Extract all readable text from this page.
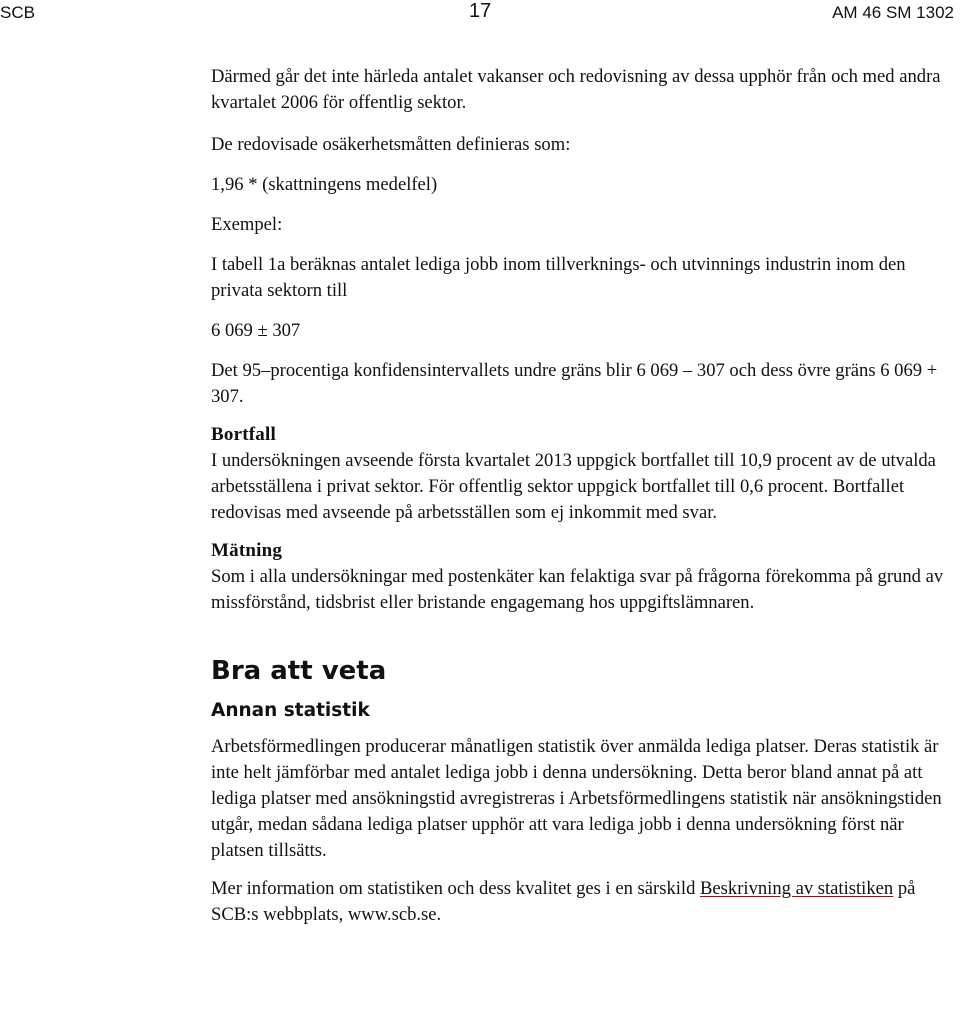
SCB	17	AM 46 SM 1302

Därmed går det inte härleda antalet vakanser och redovisning av dessa upphör från och med andra kvartalet 2006 för offentlig sektor.

De redovisade osäkerhetsmåtten definieras som:

1,96 * (skattningens medelfel)

Exempel:

I tabell 1a beräknas antalet lediga jobb inom tillverknings- och utvinnings industrin inom den privata sektorn till

6 069 ± 307

Det 95–procentiga konfidensintervallets undre gräns blir 6 069 – 307 och dess övre gräns 6 069 + 307.

Bortfall

I undersökningen avseende första kvartalet 2013 uppgick bortfallet till 10,9 procent av de utvalda arbetsställena i privat sektor. För offentlig sektor uppgick bortfallet till 0,6 procent. Bortfallet redovisas med avseende på arbetsställen som ej inkommit med svar.

Mätning

Som i alla undersökningar med postenkäter kan felaktiga svar på frågorna förekomma på grund av missförstånd, tidsbrist eller bristande engagemang hos uppgiftslämnaren.

Bra att veta
Annan statistik

Arbetsförmedlingen producerar månatligen statistik över anmälda lediga platser. Deras statistik är inte helt jämförbar med antalet lediga jobb i denna undersökning. Detta beror bland annat på att lediga platser med ansökningstid avregistreras i Arbetsförmedlingens statistik när ansökningstiden utgår, medan sådana lediga platser upphör att vara lediga jobb i denna undersökning först när platsen tillsätts.

Mer information om statistiken och dess kvalitet ges i en särskild Beskrivning av statistiken på SCB:s webbplats, www.scb.se.
